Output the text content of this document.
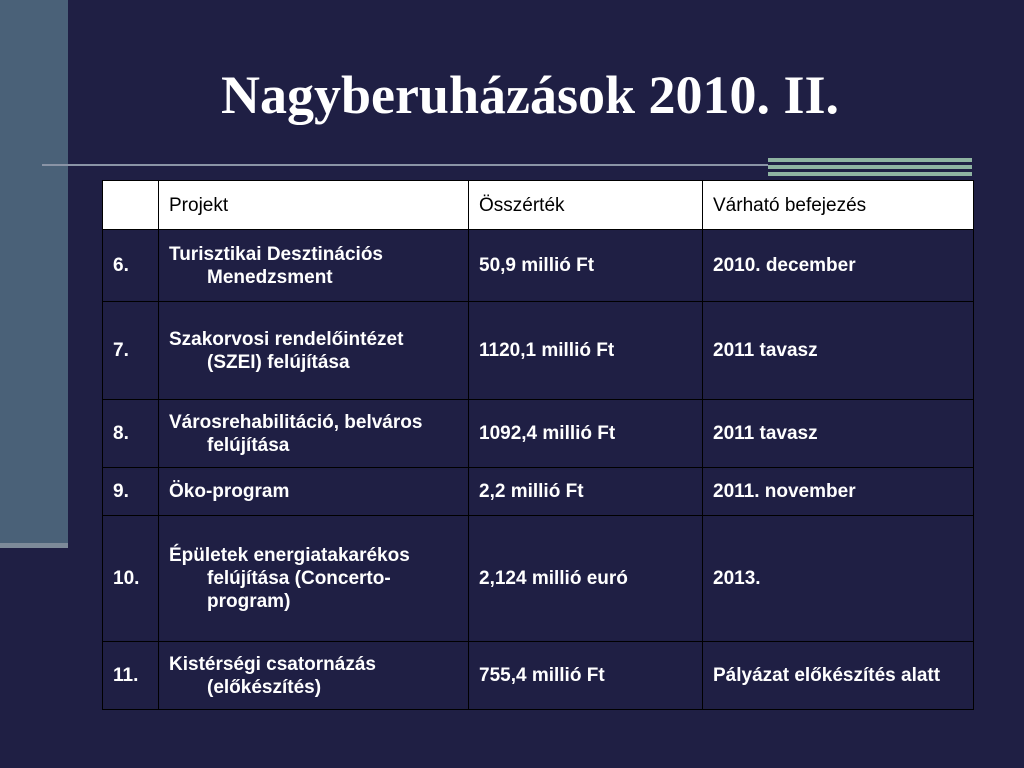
Nagyberuházások 2010. II.
	Projekt	Összérték	Várható befejezés
6.	Turisztikai Desztinációs Menedzsment	50,9 millió Ft	2010. december
7.	Szakorvosi rendelőintézet (SZEI) felújítása	1120,1 millió Ft	2011 tavasz
8.	Városrehabilitáció, belváros felújítása	1092,4 millió Ft	2011 tavasz
9.	Öko-program	2,2 millió Ft	2011. november
10.	Épületek energiatakarékos felújítása (Concerto-program)	2,124 millió euró	2013.
11.	Kistérségi csatornázás (előkészítés)	755,4 millió Ft	Pályázat előkészítés alatt
